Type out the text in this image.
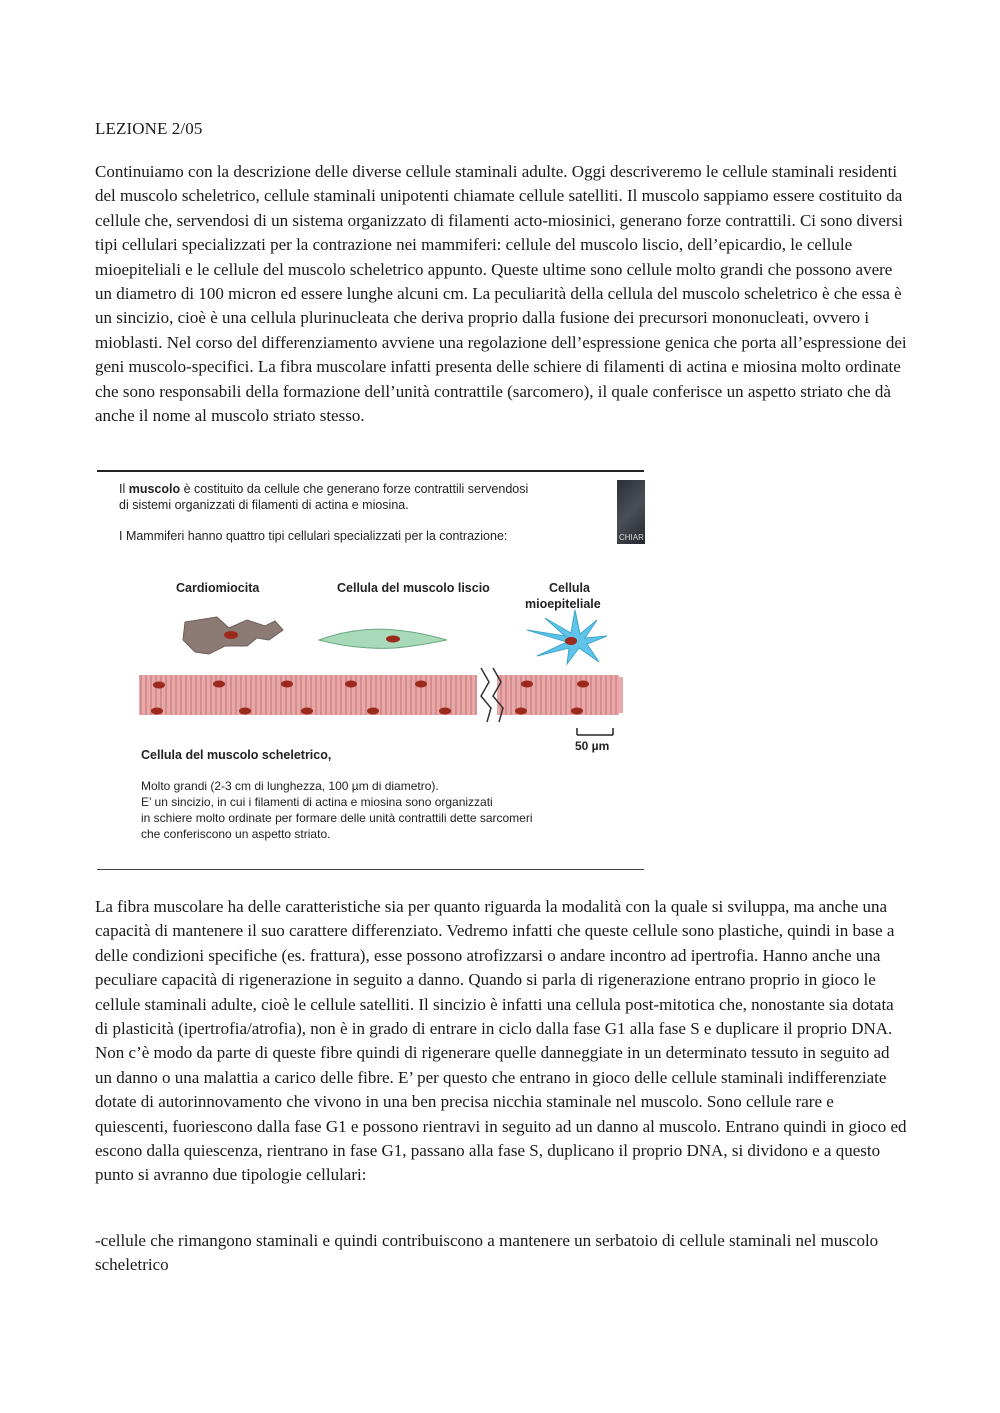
LEZIONE 2/05

Continuiamo con la descrizione delle diverse cellule staminali adulte. Oggi descriveremo le cellule staminali residenti del muscolo scheletrico, cellule staminali unipotenti chiamate cellule satelliti. Il muscolo sappiamo essere costituito da cellule che, servendosi di un sistema organizzato di filamenti acto-miosinici, generano forze contrattili. Ci sono diversi tipi cellulari specializzati per la contrazione nei mammiferi: cellule del muscolo liscio, dell’epicardio, le cellule mioepiteliali e le cellule del muscolo scheletrico appunto. Queste ultime sono cellule molto grandi che possono avere un diametro di 100 micron ed essere lunghe alcuni cm. La peculiarità della cellula del muscolo scheletrico è che essa è un sincizio, cioè è una cellula plurinucleata che deriva proprio dalla fusione dei precursori mononucleati, ovvero i mioblasti. Nel corso del differenziamento avviene una regolazione dell’espressione genica che porta all’espressione dei geni muscolo-specifici. La fibra muscolare infatti presenta delle schiere di filamenti di actina e miosina molto ordinate che sono responsabili della formazione dell’unità contrattile (sarcomero), il quale conferisce un aspetto striato che dà anche il nome al muscolo striato stesso.

CHIAR
Il muscolo è costituito da cellule che generano forze contrattili servendosi
di sistemi organizzati di filamenti di actina e miosina.
I Mammiferi hanno quattro tipi cellulari specializzati per la contrazione:
Cardiomiocita	Cellula del muscolo liscio	Cellula
mioepiteliale
50 µm
Cellula del muscolo scheletrico,
Molto grandi (2-3 cm di lunghezza, 100 µm di diametro).
E’ un sincizio, in cui i filamenti di actina e miosina sono organizzati
in schiere molto ordinate per formare delle unità contrattili dette sarcomeri
che conferiscono un aspetto striato.

La fibra muscolare ha delle caratteristiche sia per quanto riguarda la modalità con la quale si sviluppa, ma anche una capacità di mantenere il suo carattere differenziato. Vedremo infatti che queste cellule sono plastiche, quindi in base a delle condizioni specifiche (es. frattura), esse possono atrofizzarsi o andare incontro ad ipertrofia. Hanno anche una peculiare capacità di rigenerazione in seguito a danno. Quando si parla di rigenerazione entrano proprio in gioco le cellule staminali adulte, cioè le cellule satelliti. Il sincizio è infatti una cellula post-mitotica che, nonostante sia dotata di plasticità (ipertrofia/atrofia), non è in grado di entrare in ciclo dalla fase G1 alla fase S e duplicare il proprio DNA. Non c’è modo da parte di queste fibre quindi di rigenerare quelle danneggiate in un determinato tessuto in seguito ad un danno o una malattia a carico delle fibre. E’ per questo che entrano in gioco delle cellule staminali indifferenziate dotate di autorinnovamento che vivono in una ben precisa nicchia staminale nel muscolo. Sono cellule rare e quiescenti, fuoriescono dalla fase G1 e possono rientravi in seguito ad un danno al muscolo. Entrano quindi in gioco ed escono dalla quiescenza, rientrano in fase G1, passano alla fase S, duplicano il proprio DNA, si dividono e a questo punto si avranno due tipologie cellulari:

-cellule che rimangono staminali e quindi contribuiscono a mantenere un serbatoio di cellule staminali nel muscolo scheletrico
